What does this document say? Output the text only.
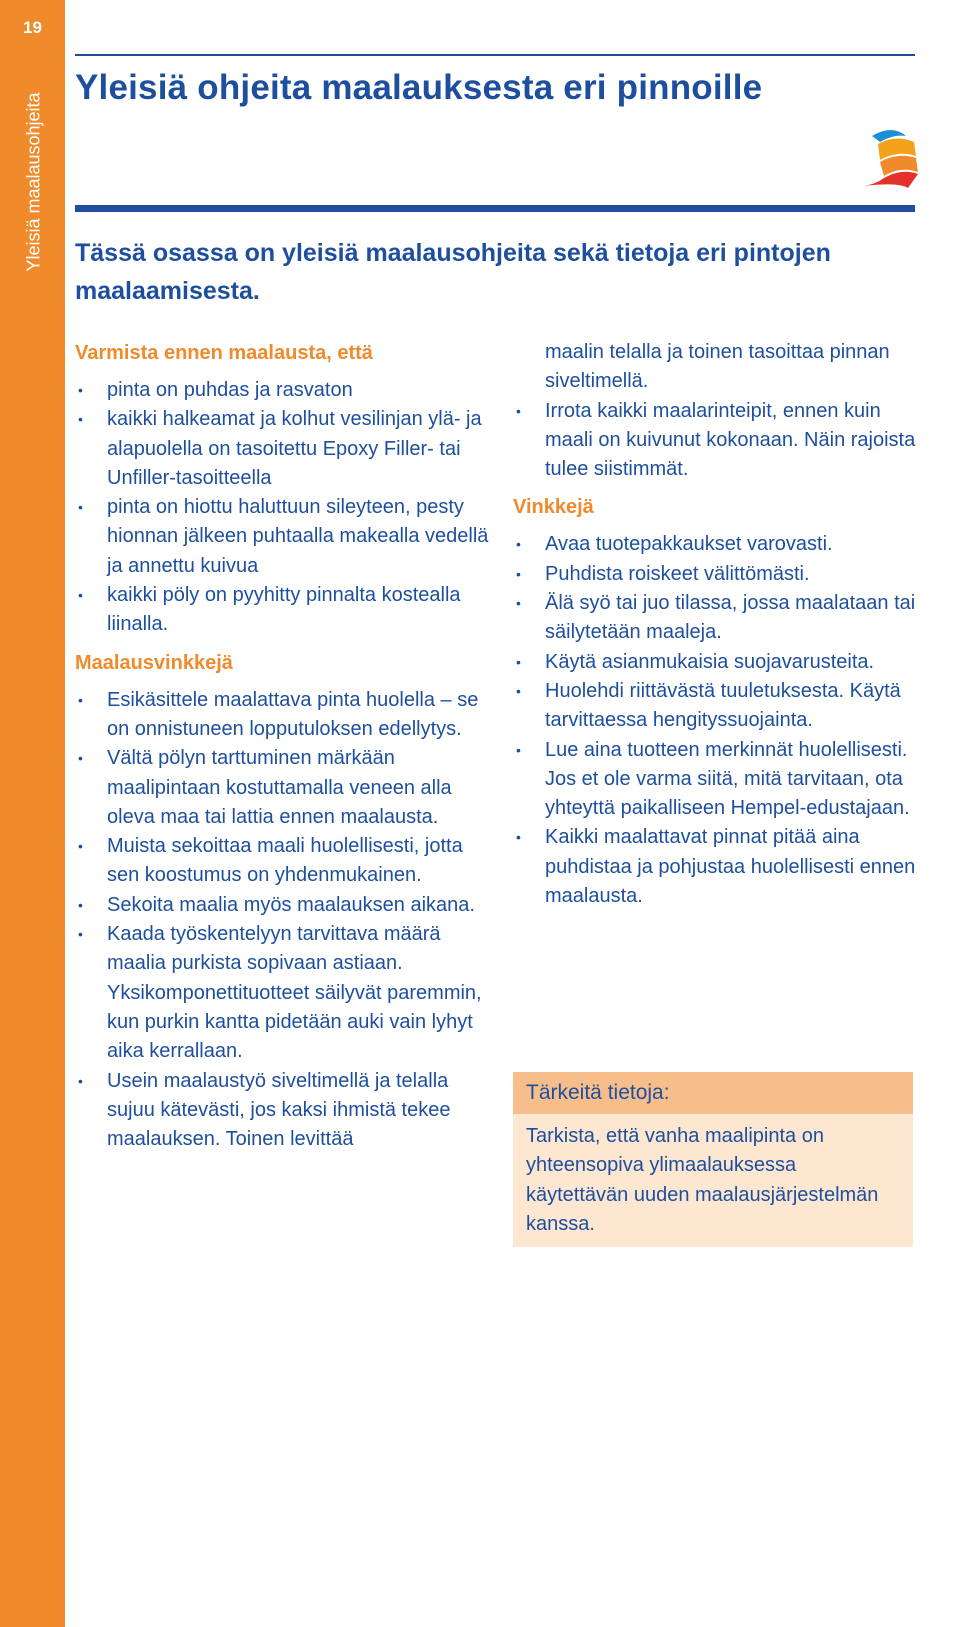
19
Yleisiä maalausohjeita
Yleisiä ohjeita maalauksesta eri pinnoille

Tässä osassa on yleisiä maalausohjeita sekä tietoja eri pintojen maalaamisesta.

Varmista ennen maalausta, että
• pinta on puhdas ja rasvaton
• kaikki halkeamat ja kolhut vesilinjan ylä- ja alapuolella on tasoitettu Epoxy Filler- tai Unfiller-tasoitteella
• pinta on hiottu haluttuun sileyteen, pesty hionnan jälkeen puhtaalla makealla vedellä ja annettu kuivua
• kaikki pöly on pyyhitty pinnalta kostealla liinalla.
Maalausvinkkejä
• Esikäsittele maalattava pinta huolella – se on onnistuneen lopputuloksen edellytys.
• Vältä pölyn tarttuminen märkään maalipintaan kostuttamalla veneen alla oleva maa tai lattia ennen maalausta.
• Muista sekoittaa maali huolellisesti, jotta sen koostumus on yhdenmukainen.
• Sekoita maalia myös maalauksen aikana.
• Kaada työskentelyyn tarvittava määrä maalia purkista sopivaan astiaan. Yksikomponettituotteet säilyvät paremmin, kun purkin kantta pidetään auki vain lyhyt aika kerrallaan.
• Usein maalaustyö siveltimellä ja telalla sujuu kätevästi, jos kaksi ihmistä tekee maalauksen. Toinen levittää

maalin telalla ja toinen tasoittaa pinnan siveltimellä.

• Irrota kaikki maalarinteipit, ennen kuin maali on kuivunut kokonaan. Näin rajoista tulee siistimmät.
Vinkkejä
• Avaa tuotepakkaukset varovasti.
• Puhdista roiskeet välittömästi.
• Älä syö tai juo tilassa, jossa maalataan tai säilytetään maaleja.
• Käytä asianmukaisia suojavarusteita.
• Huolehdi riittävästä tuuletuksesta. Käytä tarvittaessa hengityssuojainta.
• Lue aina tuotteen merkinnät huolellisesti. Jos et ole varma siitä, mitä tarvitaan, ota yhteyttä paikalliseen Hempel-edustajaan.
• Kaikki maalattavat pinnat pitää aina puhdistaa ja pohjustaa huolellisesti ennen maalausta.
Tärkeitä tietoja:
Tarkista, että vanha maalipinta on yhteensopiva ylimaalauksessa käytettävän uuden maalausjärjestelmän kanssa.
